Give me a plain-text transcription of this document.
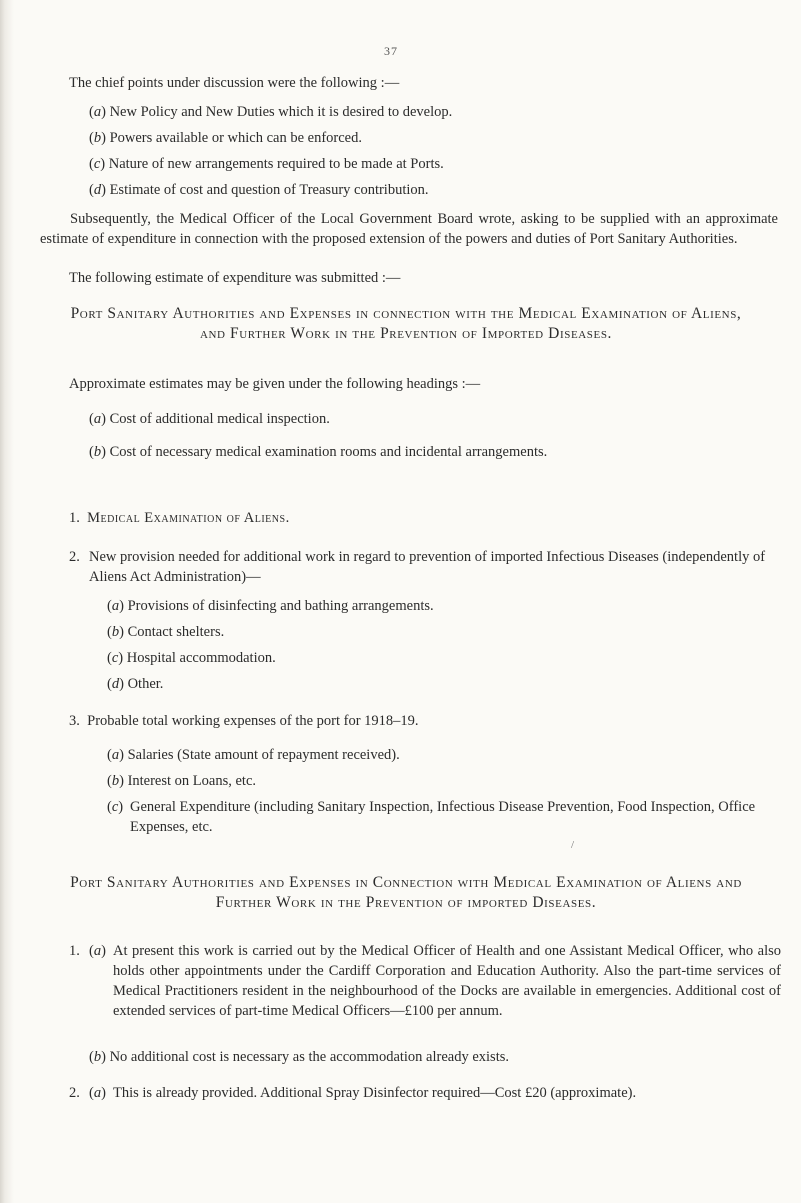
37
The chief points under discussion were the following :—
(a) New Policy and New Duties which it is desired to develop.
(b) Powers available or which can be enforced.
(c) Nature of new arrangements required to be made at Ports.
(d) Estimate of cost and question of Treasury contribution.
Subsequently, the Medical Officer of the Local Government Board wrote, asking to be supplied with an approximate estimate of expenditure in connection with the proposed extension of the powers and duties of Port Sanitary Authorities.
The following estimate of expenditure was submitted :—
Port Sanitary Authorities and Expenses in connection with the Medical Examination of Aliens, and Further Work in the Prevention of Imported Diseases.
Approximate estimates may be given under the following headings :—
(a) Cost of additional medical inspection.
(b) Cost of necessary medical examination rooms and incidental arrangements.
1. Medical Examination of Aliens.
2. New provision needed for additional work in regard to prevention of imported Infectious Diseases (independently of Aliens Act Administration)—
(a) Provisions of disinfecting and bathing arrangements.
(b) Contact shelters.
(c) Hospital accommodation.
(d) Other.
3. Probable total working expenses of the port for 1918–19.
(a) Salaries (State amount of repayment received).
(b) Interest on Loans, etc.
(c) General Expenditure (including Sanitary Inspection, Infectious Disease Prevention, Food Inspection, Office Expenses, etc.
/
Port Sanitary Authorities and Expenses in Connection with Medical Examination of Aliens and Further Work in the Prevention of imported Diseases.
1. (a) At present this work is carried out by the Medical Officer of Health and one Assistant Medical Officer, who also holds other appointments under the Cardiff Corporation and Education Authority. Also the part-time services of Medical Practitioners resident in the neighbourhood of the Docks are available in emergencies. Additional cost of extended services of part-time Medical Officers—£100 per annum.
(b) No additional cost is necessary as the accommodation already exists.
2. (a) This is already provided. Additional Spray Disinfector required—Cost £20 (approximate).
